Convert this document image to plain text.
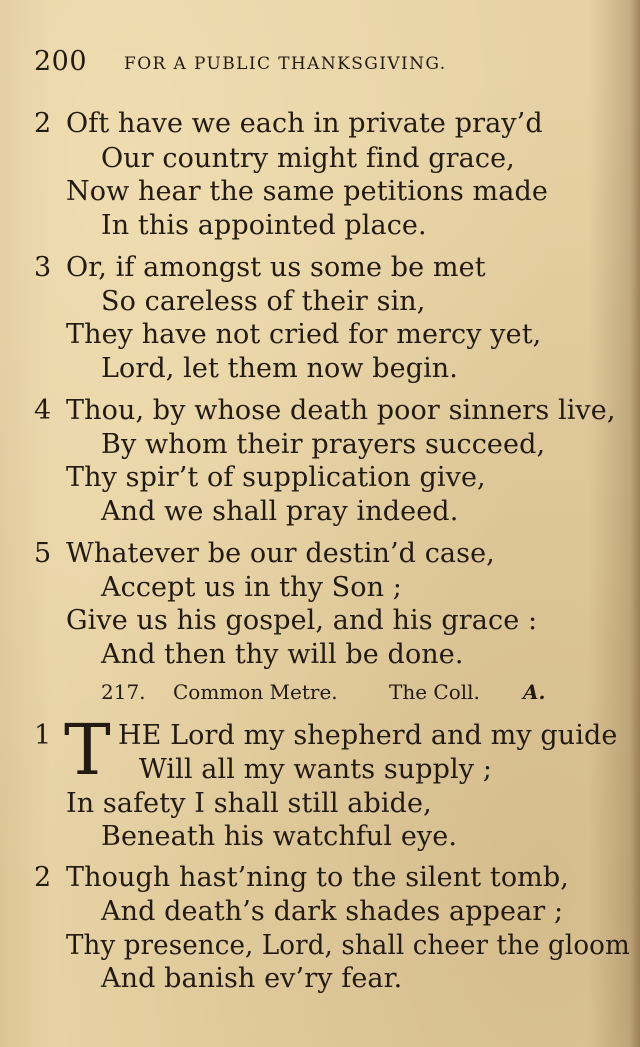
200 FOR A PUBLIC THANKSGIVING.
2 Oft have we each in private pray’d
Our country might find grace,
Now hear the same petitions made
In this appointed place.
3 Or, if amongst us some be met
So careless of their sin,
They have not cried for mercy yet,
Lord, let them now begin.
4 Thou, by whose death poor sinners live,
By whom their prayers succeed,
Thy spir’t of supplication give,
And we shall pray indeed.
5 Whatever be our destin’d case,
Accept us in thy Son ;
Give us his gospel, and his grace :
And then thy will be done.
217. Common Metre.	The Coll. A.
1 T HE Lord my shepherd and my guide
Will all my wants supply ;
In safety I shall still abide,
Beneath his watchful eye.
2 Though hast’ning to the silent tomb,
And death’s dark shades appear ;
Thy presence, Lord, shall cheer the gloom
And banish ev’ry fear.
